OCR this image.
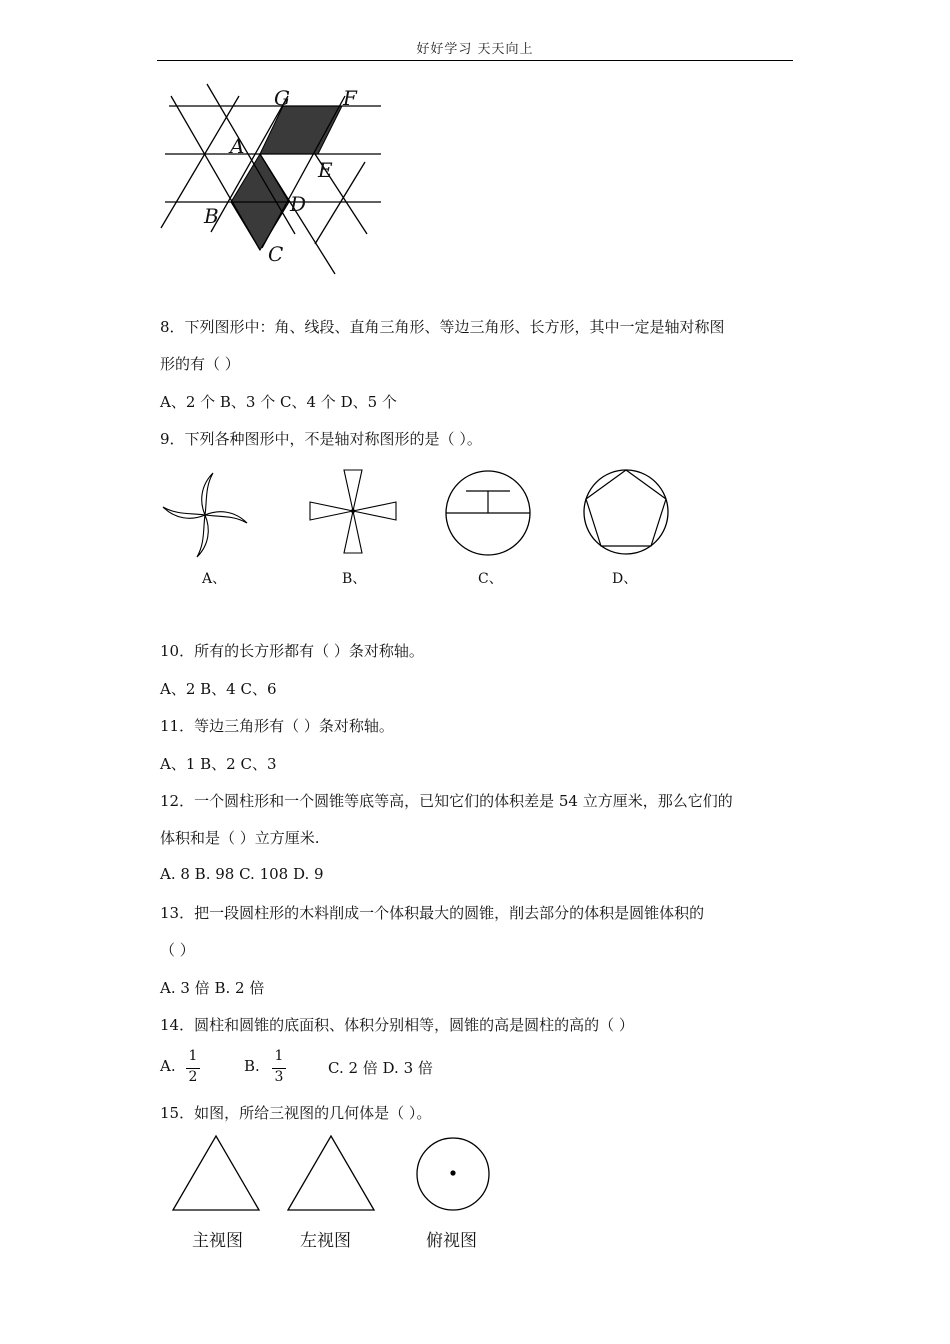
好好学习 天天向上
G	F
A
E
B	D
C
8．下列图形中：角、线段、直角三角形、等边三角形、长方形，其中一定是轴对称图
形的有（ ）
A、2 个 B、3 个 C、4 个 D、5 个
9．下列各种图形中，不是轴对称图形的是（ ）。
A、	B、	C、	D、
10．所有的长方形都有（ ）条对称轴。
A、2 B、4 C、6
11．等边三角形有（ ）条对称轴。
A、1 B、2 C、3
12．一个圆柱形和一个圆锥等底等高，已知它们的体积差是 54 立方厘米，那么它们的
体积和是（ ）立方厘米.
A. 8 B. 98 C. 108 D. 9
13．把一段圆柱形的木料削成一个体积最大的圆锥，削去部分的体积是圆锥体积的
（ ）
A. 3 倍 B. 2 倍
14．圆柱和圆锥的底面积、体积分别相等，圆锥的高是圆柱的高的（ ）
A.
1
2
B.
1
3	C. 2 倍 D. 3 倍
15．如图，所给三视图的几何体是（ ）。
主视图	左视图	俯视图
